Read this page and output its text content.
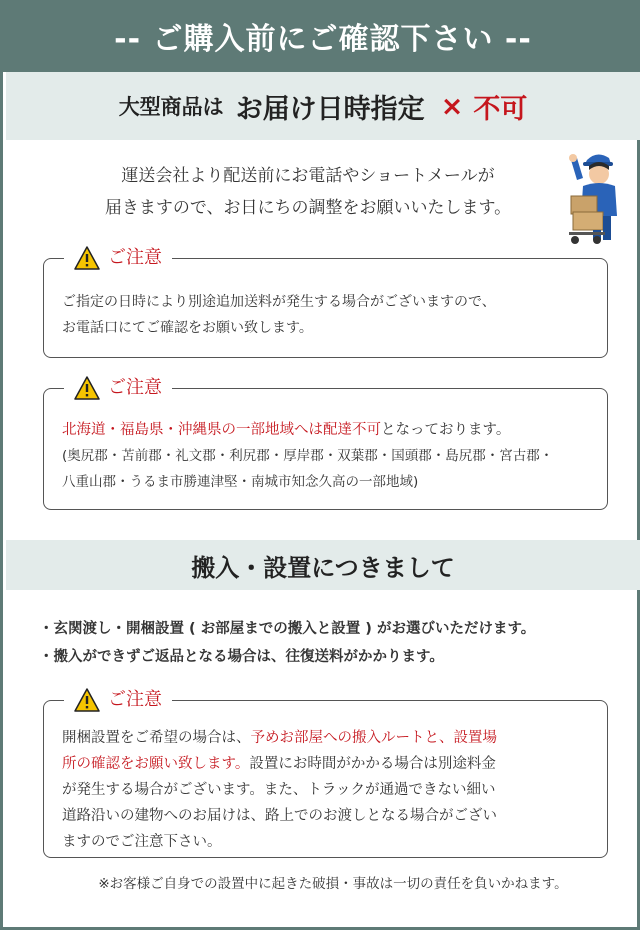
-- ご購入前にご確認下さい --
大型商品は お届け日時指定 × 不可
運送会社より配送前にお電話やショートメールが
届きますので、お日にちの調整をお願いいたします。
ご注意
ご指定の日時により別途追加送料が発生する場合がございますので、
お電話口にてご確認をお願い致します。
ご注意
北海道・福島県・沖縄県の一部地域へは配達不可となっております。
(奥尻郡・苫前郡・礼文郡・利尻郡・厚岸郡・双葉郡・国頭郡・島尻郡・宮古郡・
八重山郡・うるま市勝連津堅・南城市知念久高の一部地域)
搬入・設置につきまして
・玄関渡し・開梱設置 ( お部屋までの搬入と設置 ) がお選びいただけます。
・搬入ができずご返品となる場合は、往復送料がかかります。
ご注意
開梱設置をご希望の場合は、予めお部屋への搬入ルートと、設置場
所の確認をお願い致します。設置にお時間がかかる場合は別途料金
が発生する場合がございます。また、トラックが通過できない細い
道路沿いの建物へのお届けは、路上でのお渡しとなる場合がござい
ますのでご注意下さい。
※お客様ご自身での設置中に起きた破損・事故は一切の責任を負いかねます。
